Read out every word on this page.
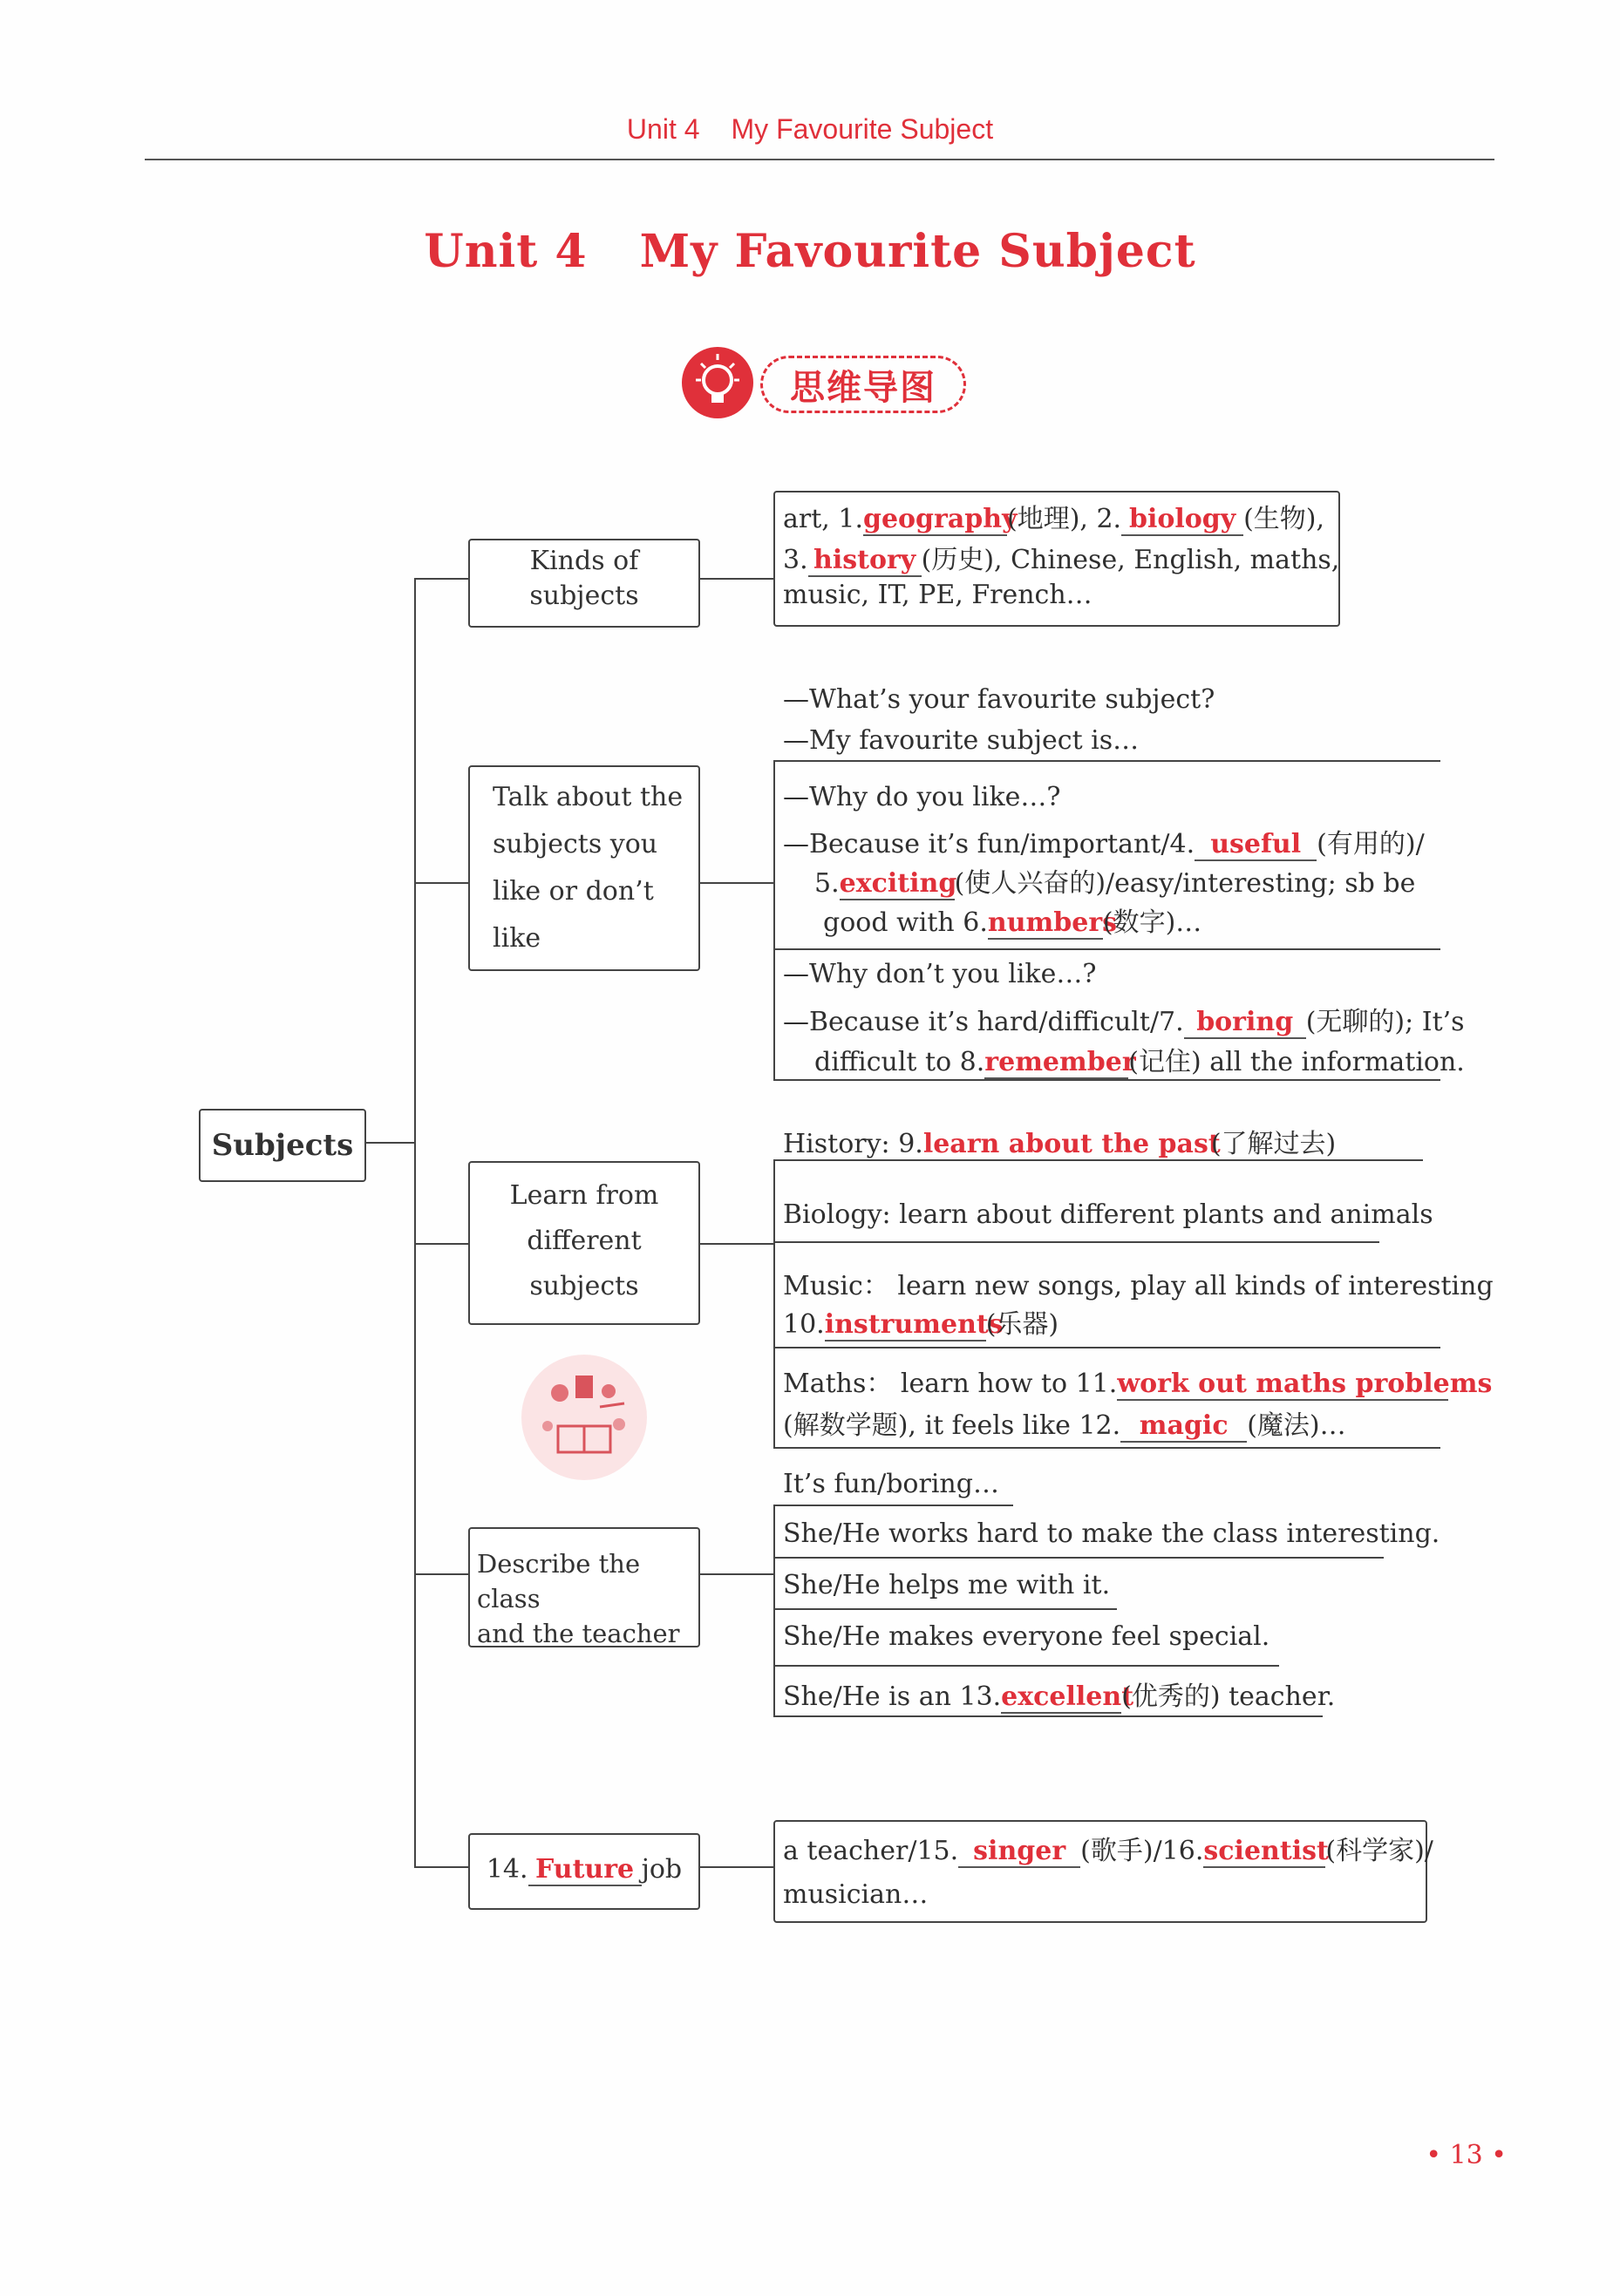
Unit 4 My Favourite Subject
Unit 4 My Favourite Subject
思维导图
Subjects
Kinds of
subjects
Talk about the
subjects you
like or don’t
like
Learn from
different
subjects
Describe the class
and the teacher
14. Future job
art, 1.geography(地理), 2. biology (生物),
3. history (历史), Chinese, English, maths,
music, IT, PE, French…
—What’s your favourite subject?
—My favourite subject is…
—Why do you like…?
—Because it’s fun/important/4. useful (有用的)/
5.exciting(使人兴奋的)/easy/interesting; sb be
good with 6.numbers(数字)…
—Why don’t you like…?
—Because it’s hard/difficult/7. boring (无聊的); It’s
difficult to 8.remember(记住) all the information.
History: 9.learn about the past(了解过去)
Biology: learn about different plants and animals
Music： learn new songs, play all kinds of interesting
10.instruments(乐器)
Maths： learn how to 11.work out maths problems
(解数学题), it feels like 12. magic (魔法)…
It’s fun/boring…
She/He works hard to make the class interesting.
She/He helps me with it.
She/He makes everyone feel special.
She/He is an 13.excellent(优秀的) teacher.
a teacher/15. singer (歌手)/16.scientist(科学家)/
musician…
• 13 •
